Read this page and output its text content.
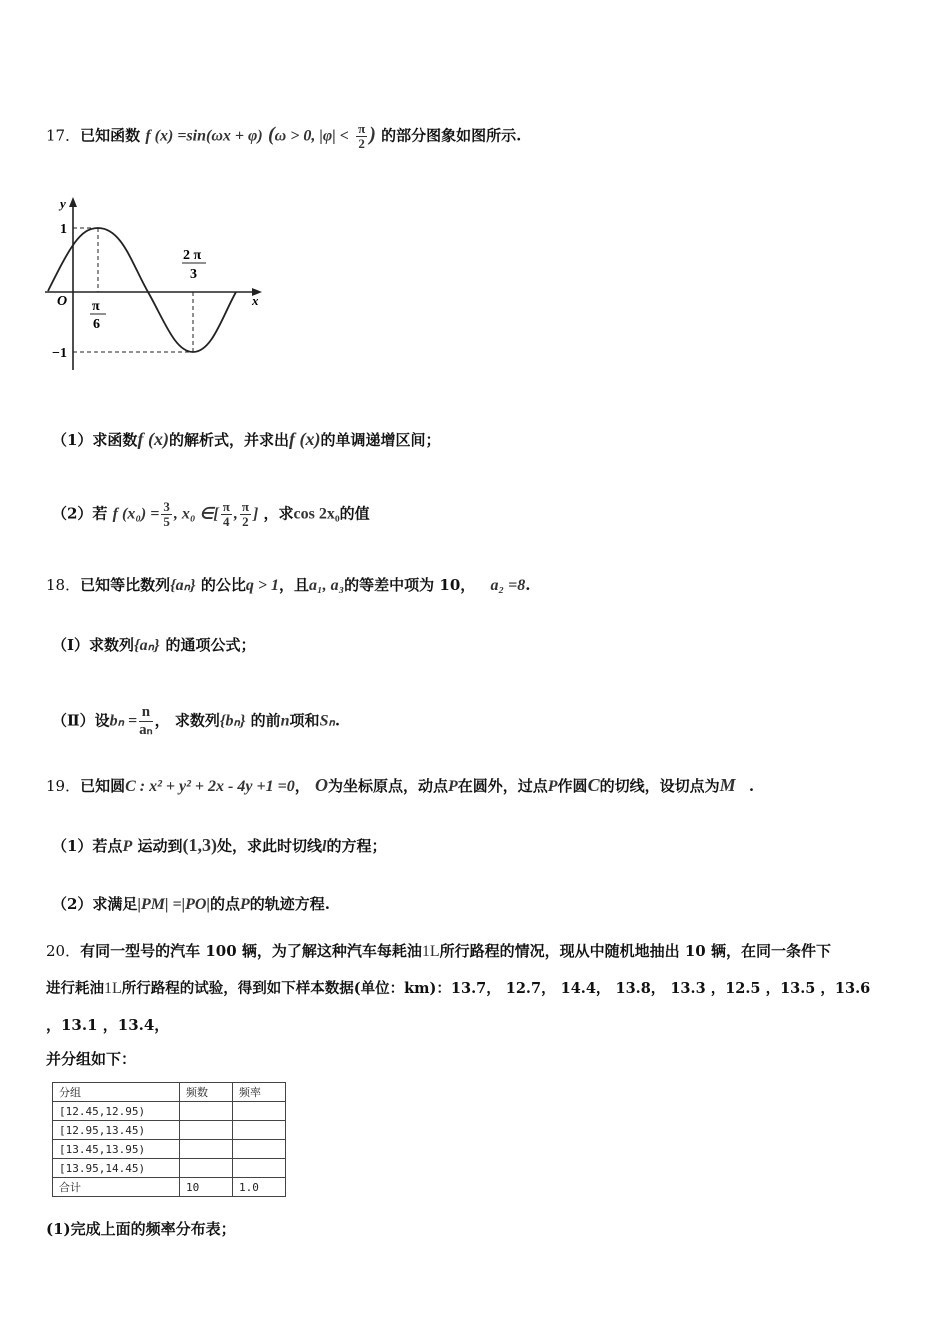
17．已知函数 f (x) =sin(ωx + φ) (ω > 0, $|\varphi| < \frac{\pi}{2}$ ) 的部分图象如图所示.
y
x
O
1
−1
π
6
2 π
3
（1）求函数f (x)的解析式，并求出f (x)的单调递增区间；
（2）若 f $(x_0) = \frac{3}{5}$ , x₀ ∈[ $\frac{\pi}{4}$ , $\frac{\pi}{2}$ ] ，求cos 2x₀的值
18．已知等比数列{aₙ} 的公比q > 1，且a₁, a₃的等差中项为 10， a₂ =8.
（Ⅰ）求数列{aₙ} 的通项公式；
（Ⅱ）设$b_n = \frac{n}{\text{aₙ}}$ ， 求数列{bₙ} 的前n项和Sₙ.
19．已知圆C : x² + y² + 2x - 4y +1 =0， O为坐标原点，动点P在圆外，过点P作圆C的切线，设切点为M .
（1）若点P 运动到(1,3)处，求此时切线l的方程；
（2）求满足|PM| =|PO|的点P的轨迹方程.
20．有同一型号的汽车 100 辆，为了解这种汽车每耗油1L所行路程的情况，现从中随机地抽出 10 辆，在同一条件下
进行耗油1L所行路程的试验，得到如下样本数据(单位：km)：13.7， 12.7， 14.4， 13.8， 13.3 ，12.5 ，13.5 ，13.6
，13.1 ，13.4，
并分组如下：
分组	频数	频率
[12.45,12.95)		
[12.95,13.45)		
[13.45,13.95)		
[13.95,14.45)		
合计	10	1.0
(1)完成上面的频率分布表；
